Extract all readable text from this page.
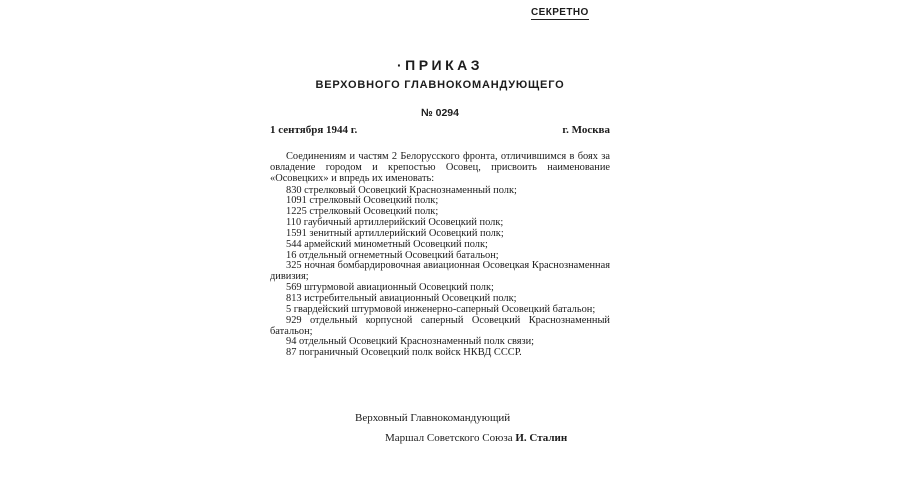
СЕКРЕТНО
·ПРИКАЗ
ВЕРХОВНОГО ГЛАВНОКОМАНДУЮЩЕГО
№ 0294
1 сентября 1944 г.	г. Москва

Соединениям и частям 2 Белорусского фронта, отличившимся в боях за овладение городом и крепостью Осовец, присвоить наименование «Осовецких» и впредь их именовать:

830 стрелковый Осовецкий Краснознаменный полк;
1091 стрелковый Осовецкий полк;
1225 стрелковый Осовецкий полк;
110 гаубичный артиллерийский Осовецкий полк;
1591 зенитный артиллерийский Осовецкий полк;
544 армейский минометный Осовецкий полк;
16 отдельный огнеметный Осовецкий батальон;
325 ночная бомбардировочная авиационная Осовецкая Краснознаменная дивизия;
569 штурмовой авиационный Осовецкий полк;
813 истребительный авиационный Осовецкий полк;
5 гвардейский штурмовой инженерно-саперный Осовецкий батальон;
929 отдельный корпусной саперный Осовецкий Краснознаменный батальон;
94 отдельный Осовецкий Краснознаменный полк связи;
87 пограничный Осовецкий полк войск НКВД СССР.
Верховный Главнокомандующий
Маршал Советского Союза И. Сталин
